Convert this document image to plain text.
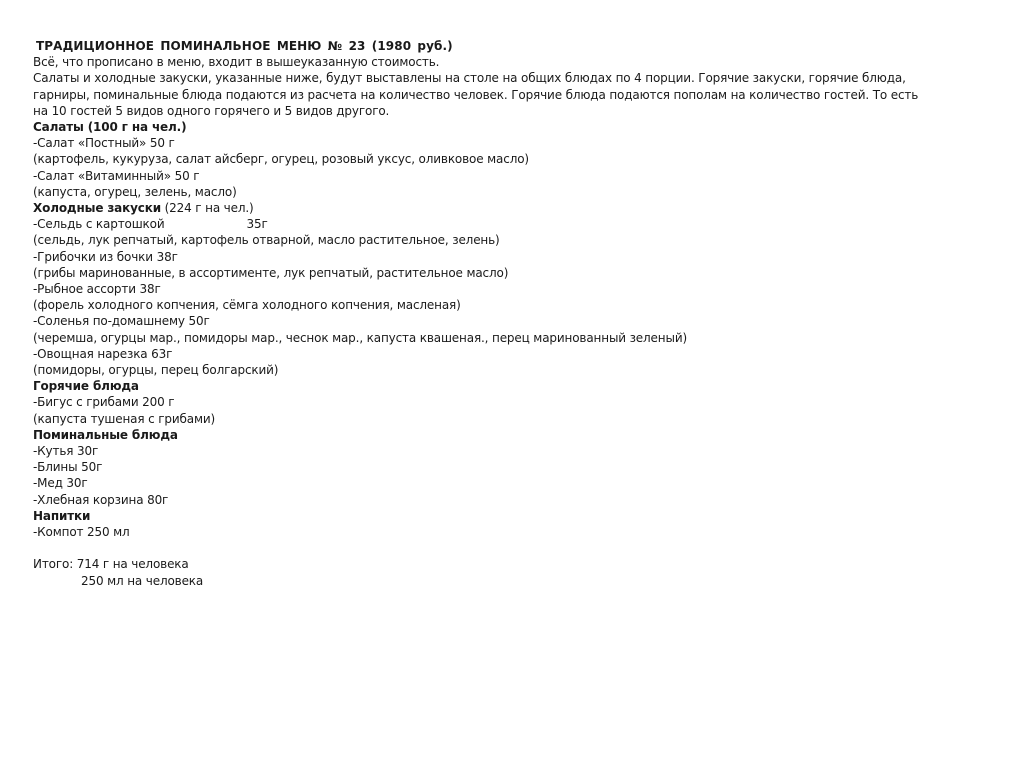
ТРАДИЦИОННОЕ ПОМИНАЛЬНОЕ МЕНЮ № 23 (1980 руб.)
Всё, что прописано в меню, входит в вышеуказанную стоимость.
Салаты и холодные закуски, указанные ниже, будут выставлены на столе на общих блюдах по 4 порции. Горячие закуски, горячие блюда,
гарниры, поминальные блюда подаются из расчета на количество человек. Горячие блюда подаются пополам на количество гостей. То есть
на 10 гостей 5 видов одного горячего и 5 видов другого.
Салаты (100 г на чел.)
-Салат «Постный» 50 г
(картофель, кукуруза, салат айсберг, огурец, розовый уксус, оливковое масло)
-Салат «Витаминный» 50 г
(капуста, огурец, зелень, масло)
Холодные закуски (224 г на чел.)
-Сельдь с картошкой	35г
(сельдь, лук репчатый, картофель отварной, масло растительное, зелень)
-Грибочки из бочки 38г
(грибы маринованные, в ассортименте, лук репчатый, растительное масло)
-Рыбное ассорти 38г
(форель холодного копчения, сёмга холодного копчения, масленая)
-Соленья по-домашнему 50г
(черемша, огурцы мар., помидоры мар., чеснок мар., капуста квашеная., перец маринованный зеленый)
-Овощная нарезка 63г
(помидоры, огурцы, перец болгарский)
Горячие блюда
-Бигус с грибами 200 г
(капуста тушеная с грибами)
Поминальные блюда
-Кутья 30г
-Блины 50г
-Мед 30г
-Хлебная корзина 80г
Напитки
-Компот 250 мл
Итого: 714 г на человека
250 мл на человека
